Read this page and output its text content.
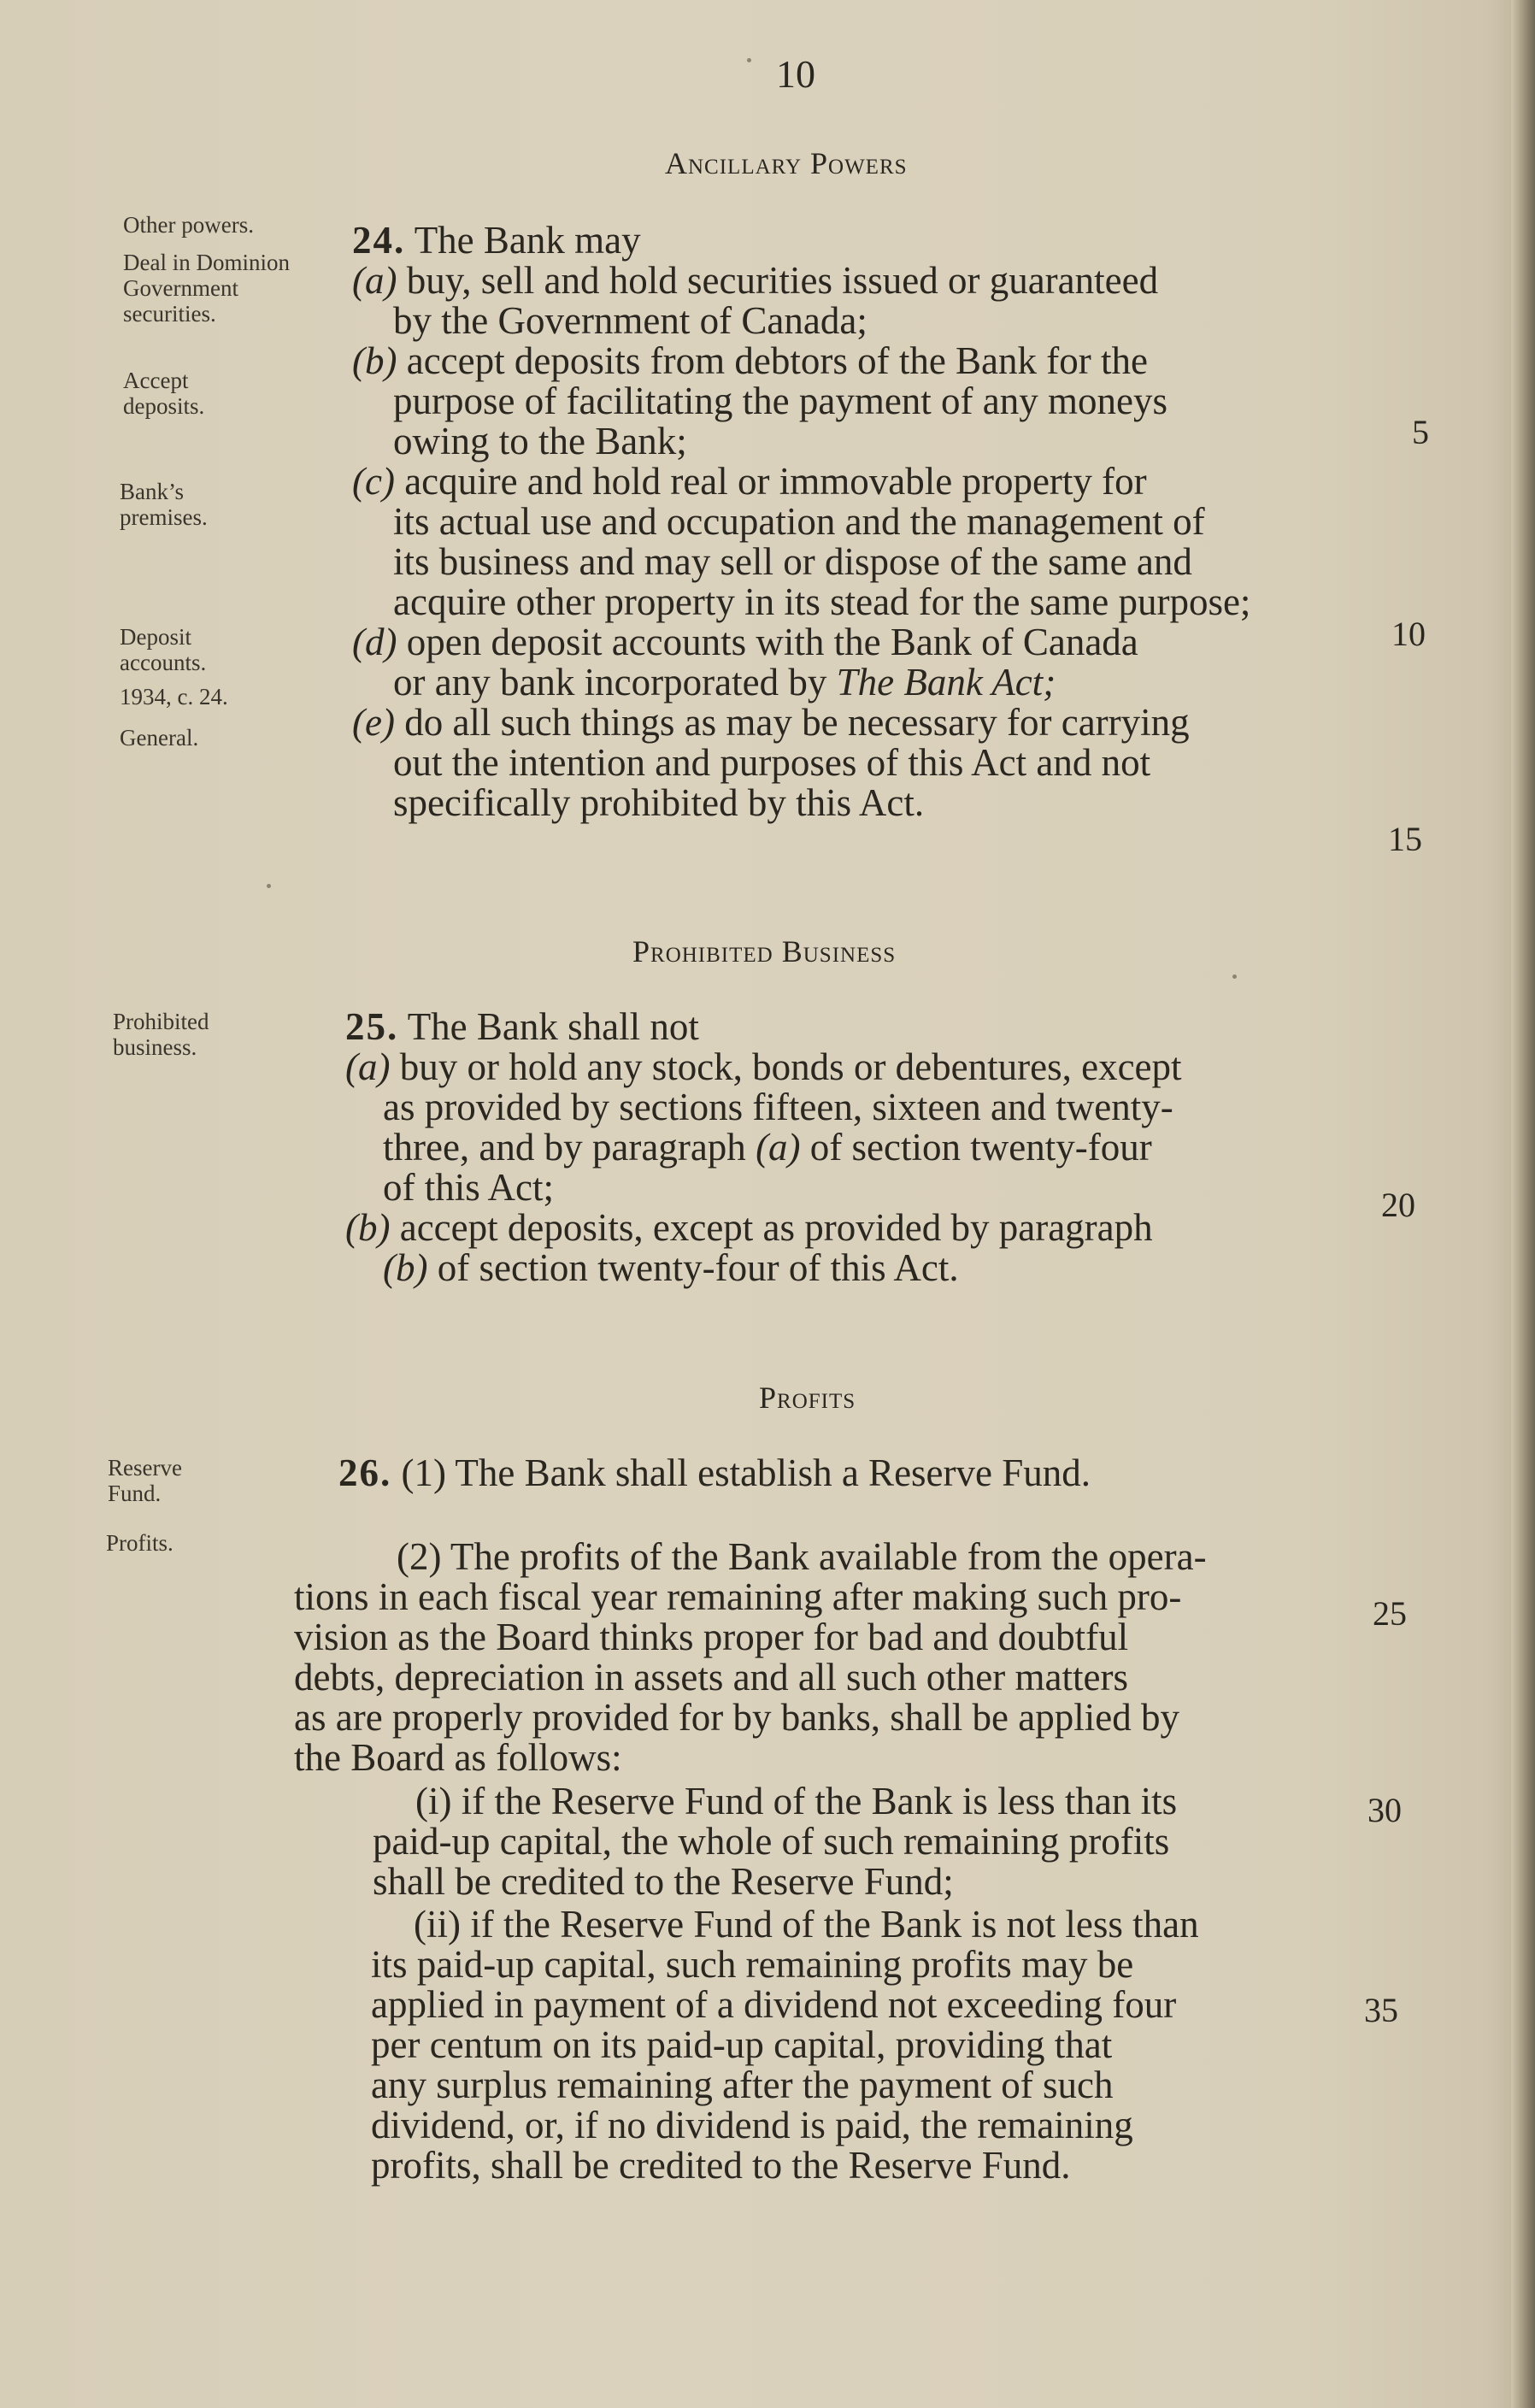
10
Ancillary Powers
Other powers.
Deal in Dominion Government securities.
Accept deposits.
Bank’s premises.
Deposit accounts.
1934, c. 24.
General.
24. The Bank may
(a) buy, sell and hold securities issued or guaranteed
by the Government of Canada;
(b) accept deposits from debtors of the Bank for the
purpose of facilitating the payment of any moneys
owing to the Bank;
(c) acquire and hold real or immovable property for
its actual use and occupation and the management of
its business and may sell or dispose of the same and
acquire other property in its stead for the same purpose;
(d) open deposit accounts with the Bank of Canada
or any bank incorporated by The Bank Act;
(e) do all such things as may be necessary for carrying
out the intention and purposes of this Act and not
specifically prohibited by this Act.
5
10
15
Prohibited Business
Prohibited business.	25. The Bank shall not
(a) buy or hold any stock, bonds or debentures, except
as provided by sections fifteen, sixteen and twenty-
three, and by paragraph (a) of section twenty-four
of this Act;
(b) accept deposits, except as provided by paragraph
(b) of section twenty-four of this Act.
20
Profits
Reserve Fund.
Profits.
26. (1) The Bank shall establish a Reserve Fund.
(2) The profits of the Bank available from the opera-
tions in each fiscal year remaining after making such pro-
vision as the Board thinks proper for bad and doubtful
debts, depreciation in assets and all such other matters
as are properly provided for by banks, shall be applied by
the Board as follows:
(i) if the Reserve Fund of the Bank is less than its
paid-up capital, the whole of such remaining profits
shall be credited to the Reserve Fund;
(ii) if the Reserve Fund of the Bank is not less than
its paid-up capital, such remaining profits may be
applied in payment of a dividend not exceeding four
per centum on its paid-up capital, providing that
any surplus remaining after the payment of such
dividend, or, if no dividend is paid, the remaining
profits, shall be credited to the Reserve Fund.
25
30
35
